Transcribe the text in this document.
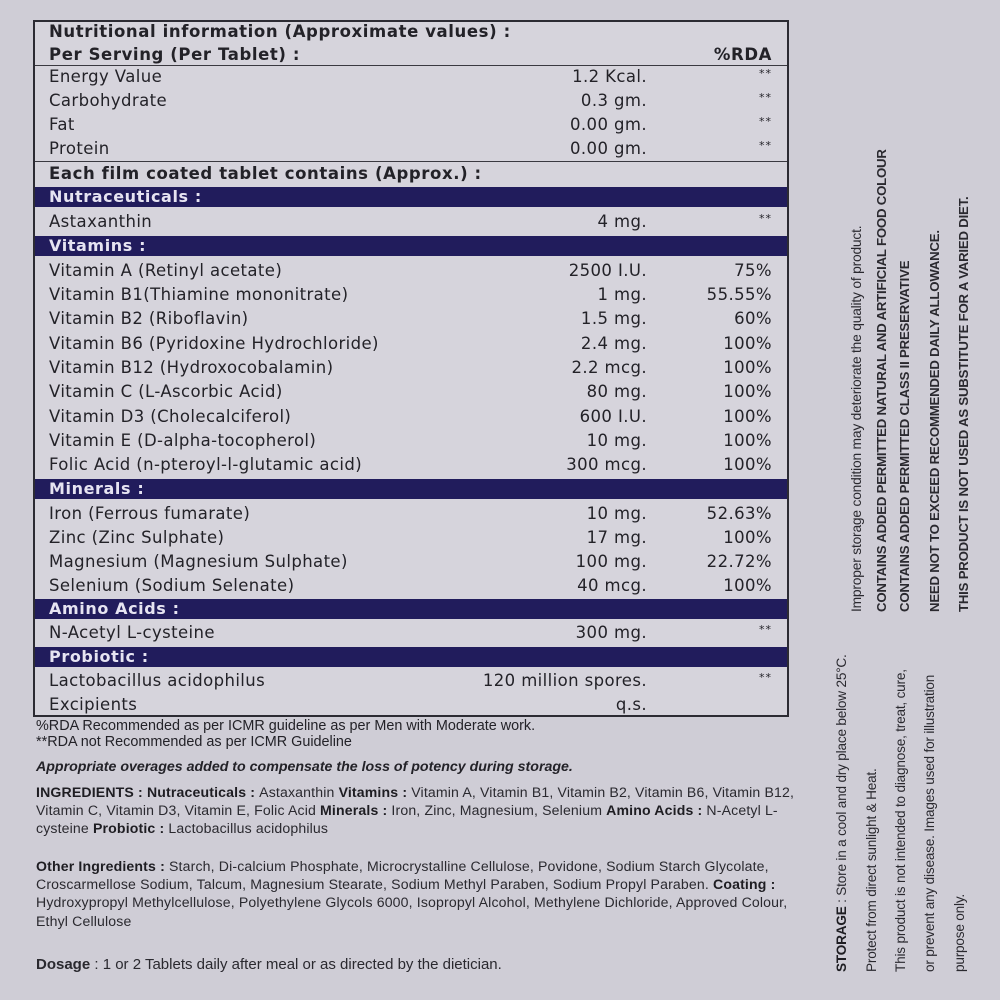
Nutritional information (Approximate values) :
Per Serving (Per Tablet) :	%RDA
Energy Value	1.2 Kcal.	**
Carbohydrate	0.3 gm.	**
Fat	0.00 gm.	**
Protein	0.00 gm.	**
Each film coated tablet contains (Approx.) :
Nutraceuticals :
Astaxanthin	4 mg.	**
Vitamins :
Vitamin A (Retinyl acetate)	2500 I.U.	75%
Vitamin B1(Thiamine mononitrate)	1 mg.	55.55%
Vitamin B2 (Riboflavin)	1.5 mg.	60%
Vitamin B6 (Pyridoxine Hydrochloride)	2.4 mg.	100%
Vitamin B12 (Hydroxocobalamin)	2.2 mcg.	100%
Vitamin C (L-Ascorbic Acid)	80 mg.	100%
Vitamin D3 (Cholecalciferol)	600 I.U.	100%
Vitamin E (D-alpha-tocopherol)	10 mg.	100%
Folic Acid (n-pteroyl-l-glutamic acid)	300 mcg.	100%
Minerals :
Iron (Ferrous fumarate)	10 mg.	52.63%
Zinc (Zinc Sulphate)	17 mg.	100%
Magnesium (Magnesium Sulphate)	100 mg.	22.72%
Selenium (Sodium Selenate)	40 mcg.	100%
Amino Acids :
N-Acetyl L-cysteine	300 mg.	**
Probiotic :
Lactobacillus acidophilus	120 million spores.	**
Excipients	q.s.
%RDA Recommended as per ICMR guideline as per Men with Moderate work.
**RDA not Recommended as per ICMR Guideline
Appropriate overages added to compensate the loss of potency during storage.
INGREDIENTS : Nutraceuticals : Astaxanthin Vitamins : Vitamin A, Vitamin B1, Vitamin B2, Vitamin B6, Vitamin B12, Vitamin C, Vitamin D3, Vitamin E, Folic Acid Minerals : Iron, Zinc, Magnesium, Selenium Amino Acids : N-Acetyl L-cysteine Probiotic : Lactobacillus acidophilus
Other Ingredients : Starch, Di-calcium Phosphate, Microcrystalline Cellulose, Povidone, Sodium Starch Glycolate, Croscarmellose Sodium, Talcum, Magnesium Stearate, Sodium Methyl Paraben, Sodium Propyl Paraben. Coating : Hydroxypropyl Methylcellulose, Polyethylene Glycols 6000, Isopropyl Alcohol, Methylene Dichloride, Approved Colour, Ethyl Cellulose
Dosage : 1 or 2 Tablets daily after meal or as directed by the dietician.	STORAGE : Store in a cool and dry place below 25°C. Protect from direct sunlight & Heat. This product is not intended to diagnose, treat, cure, or prevent any disease. Images used for illustration purpose only.
Improper storage condition may deteriorate the quality of product. CONTAINS ADDED PERMITTED NATURAL AND ARTIFICIAL FOOD COLOUR CONTAINS ADDED PERMITTED CLASS II PRESERVATIVE NEED NOT TO EXCEED RECOMMENDED DAILY ALLOWANCE. THIS PRODUCT IS NOT USED AS SUBSTITUTE FOR A VARIED DIET.
